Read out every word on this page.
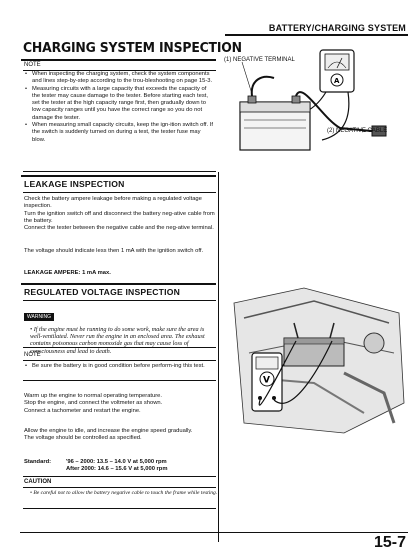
BATTERY/CHARGING SYSTEM
CHARGING SYSTEM INSPECTION
NOTE
• When inspecting the charging system, check the system components and lines step-by-step according to the trou-bleshooting on page 15-3.
• Measuring circuits with a large capacity that exceeds the capacity of the tester may cause damage to the tester. Before starting each test, set the tester at the high capacity range first, then gradually down to low capacity ranges until you have the correct range so you do not damage the tester.
• When measuring small capacity circuits, keep the ign-ition switch off. If the switch is suddenly turned on during a test, the tester fuse may blow.
A
(1) NEGATIVE TERMINAL
(2) NEGATIVE CABLE
LEAKAGE INSPECTION
Check the battery ampere leakage before making a regulated voltage inspection.
Turn the ignition switch off and disconnect the battery neg-ative cable from the battery.
Connect the tester between the negative cable and the neg-ative terminal.
The voltage should indicate less then 1 mA with the ignition switch off.
LEAKAGE AMPERE: 1 mA max.
REGULATED VOLTAGE INSPECTION
WARNING
• If the engine must be running to do some work, make sure the area is well-ventilated. Never run the engine in an enclosed area. The exhaust contains poisonous carbon monoxide gas that may cause loss of consciousness and lead to death.
NOTE
• Be sure the battery is in good condition before perform-ing this test.
Warm up the engine to normal operating temperature.
Stop the engine, and connect the voltmeter as shown.
Connect a tachometer and restart the engine.
Allow the engine to idle, and increase the engine speed gradually.
The voltage should be controlled as specified.
Standard:	'96 – 2000: 13.5 – 14.0 V at 5,000 rpm
After 2000: 14.6 – 15.6 V at 5,000 rpm
CAUTION
• Be careful not to allow the battery negative cable to touch the frame while testing.
V
15-7
